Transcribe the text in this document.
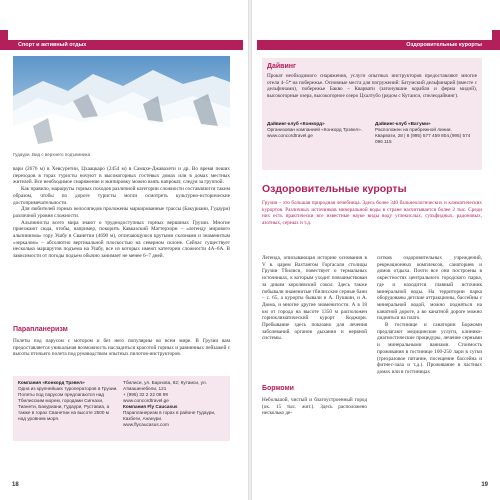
Спорт и активный отдых
Гудаури. Вид с верхнего подъемника

вари (2676 м) в Хевсуретии, Цхаацкаро (2454 м) в Самцхе-Джавахети и др. Во время пеших переходов в горах туристы ночуют в высокогорных гостевых домах или в домах местных жителей. Все необходимое снаряжение и экипировку можно взять напрокат, следуя за группой.

Как правило, маршруты горных походов различной категории сложности составляются таким образом, чтобы по дороге туристы могли осмотреть культурно-исторические достопримечательности.

Для любителей горных велосипедов проложены маркированные трассы (Бакуриани, Гудаури) различной уровня сложности.

Альпинисты всего мира знают о труднодоступных горных вершинах Грузии. Многие приезжают сюда, чтобы, например, покорить Кавказский Маттерхорн – «легенду мирового альпинизма» гору Ушбу в Сванетии (4690 м), отличающуюся крутыми склонами и знаменитым «зеркалом» – абсолютно вертикальной плоскостью на северном склоне. Сейчас существует несколько маршрутов подъема на Ушбу, все из которых имеют категории сложности 4А–6А. В зависимости от погоды подъем обычно занимает не менее 6–7 дней.

Парапланеризм
Полеты под парусом с мотором и без него популярны во всем мире. В Грузии вам предоставляется уникальная возможность насладиться красотой горных и равнинных пейзажей с высоты птичьего полета под руководством опытных пилотов-инструкторов.
Компания «Конкорд Трэвел»
Одна из крупнейших туроператоров в Грузии. Полеты под парусом предлагаются над Тбилисским морем, городами Сигнахи, Тианети, Бакуриани, Гудаури, Руставиа, а также в горах Сванетии на высоте 2500 м над уровнем моря.
Тбилиси, ул. Барнова, 82; Кутаиси, ул. Атмашенебели, 121
+ (995) 32 2 22 08 99
www.concordtravel.ge
Компания Fly Caucasus
Парапланеризм в горах в районе Гудаури, Казбеги, Ананури.
www.flycaucasus.com
18
Оздоровительные курорты
Дайвинг
Прокат необходимого снаряжения, услуги опытных инструкторов предоставляют многие отели 4–5* на побережье. Основные места для погружений: Батумский дельфинарий (вместе с дельфинами), побережье Бакво – Кварвати (затонувшие корабли и ферма мидий), высокогорные озера, высокогорное озеро Цхалтубо (рядом с Кутаиси, спелеодайвинг).
Дайвинг-клуб «Конкорд»
Организован компанией «Конкорд Трэвел».
www.concordtravel.ge
Дайвинг-клуб «Ватуми»
Расположен на прибрежной линии.
Кварвати, 28 | 8 (995) 577 459 804,(995) 574 096 115
Оздоровительные курорты
Грузия – это большая природная лечебница. Здесь более 340 бальнеологических и климатических курортов. Различных источников минеральной воды в стране насчитывается более 2 тыс. Среди них есть практически все известные науке виды воду углекислых, сульфидных, радоновых, азотных, серных и т.д.
Легенда, описывающая историю основания в V в. царем Вахтангом Горгасали столицы Грузии Тбилиси, повествует о термальных источниках, к которым уходит повзаимствован за диким королевский сокол. Здесь также побывали знаменитые тбилисские серные бани – с. 65, а курорты бывали и А. Пушкин, и А. Дюма, и многие другие знаменитости. А в 18 км от города на высоте 1350 м расположен горноклиматический курорт Коджори. Пребывание здесь показано для лечения заболеваний органов дыхания и нервной системы.

ситков оздоровительных учреждений, рекреационных комплексов, санаториев и домов отдыха. Почти все они построены в окрестностях центрального городского парка, где и находится главный источник минеральной воды. На территории парка оборудованы детские аттракционы, бассейны с минеральной водой, можно подняться на канатной дороге, а во канатной дороге можно подняться на плато.

В гостинице и санатории Боржоми предлагают медицинские услуги, клинико-диагностические процедуры, лечение серными и минеральными ваннами. Стоимость проживания в гостинице 100-250 лари в сутки (трехразовое питание, посещение бассейна и фитнес-зала и т.д.). Проживание в частных домах или в гостиницах

Боржоми
Небольшой, чистый и благоустроенный город (ок. 15 тыс. жит.). Здесь расположено несколько де-
19
